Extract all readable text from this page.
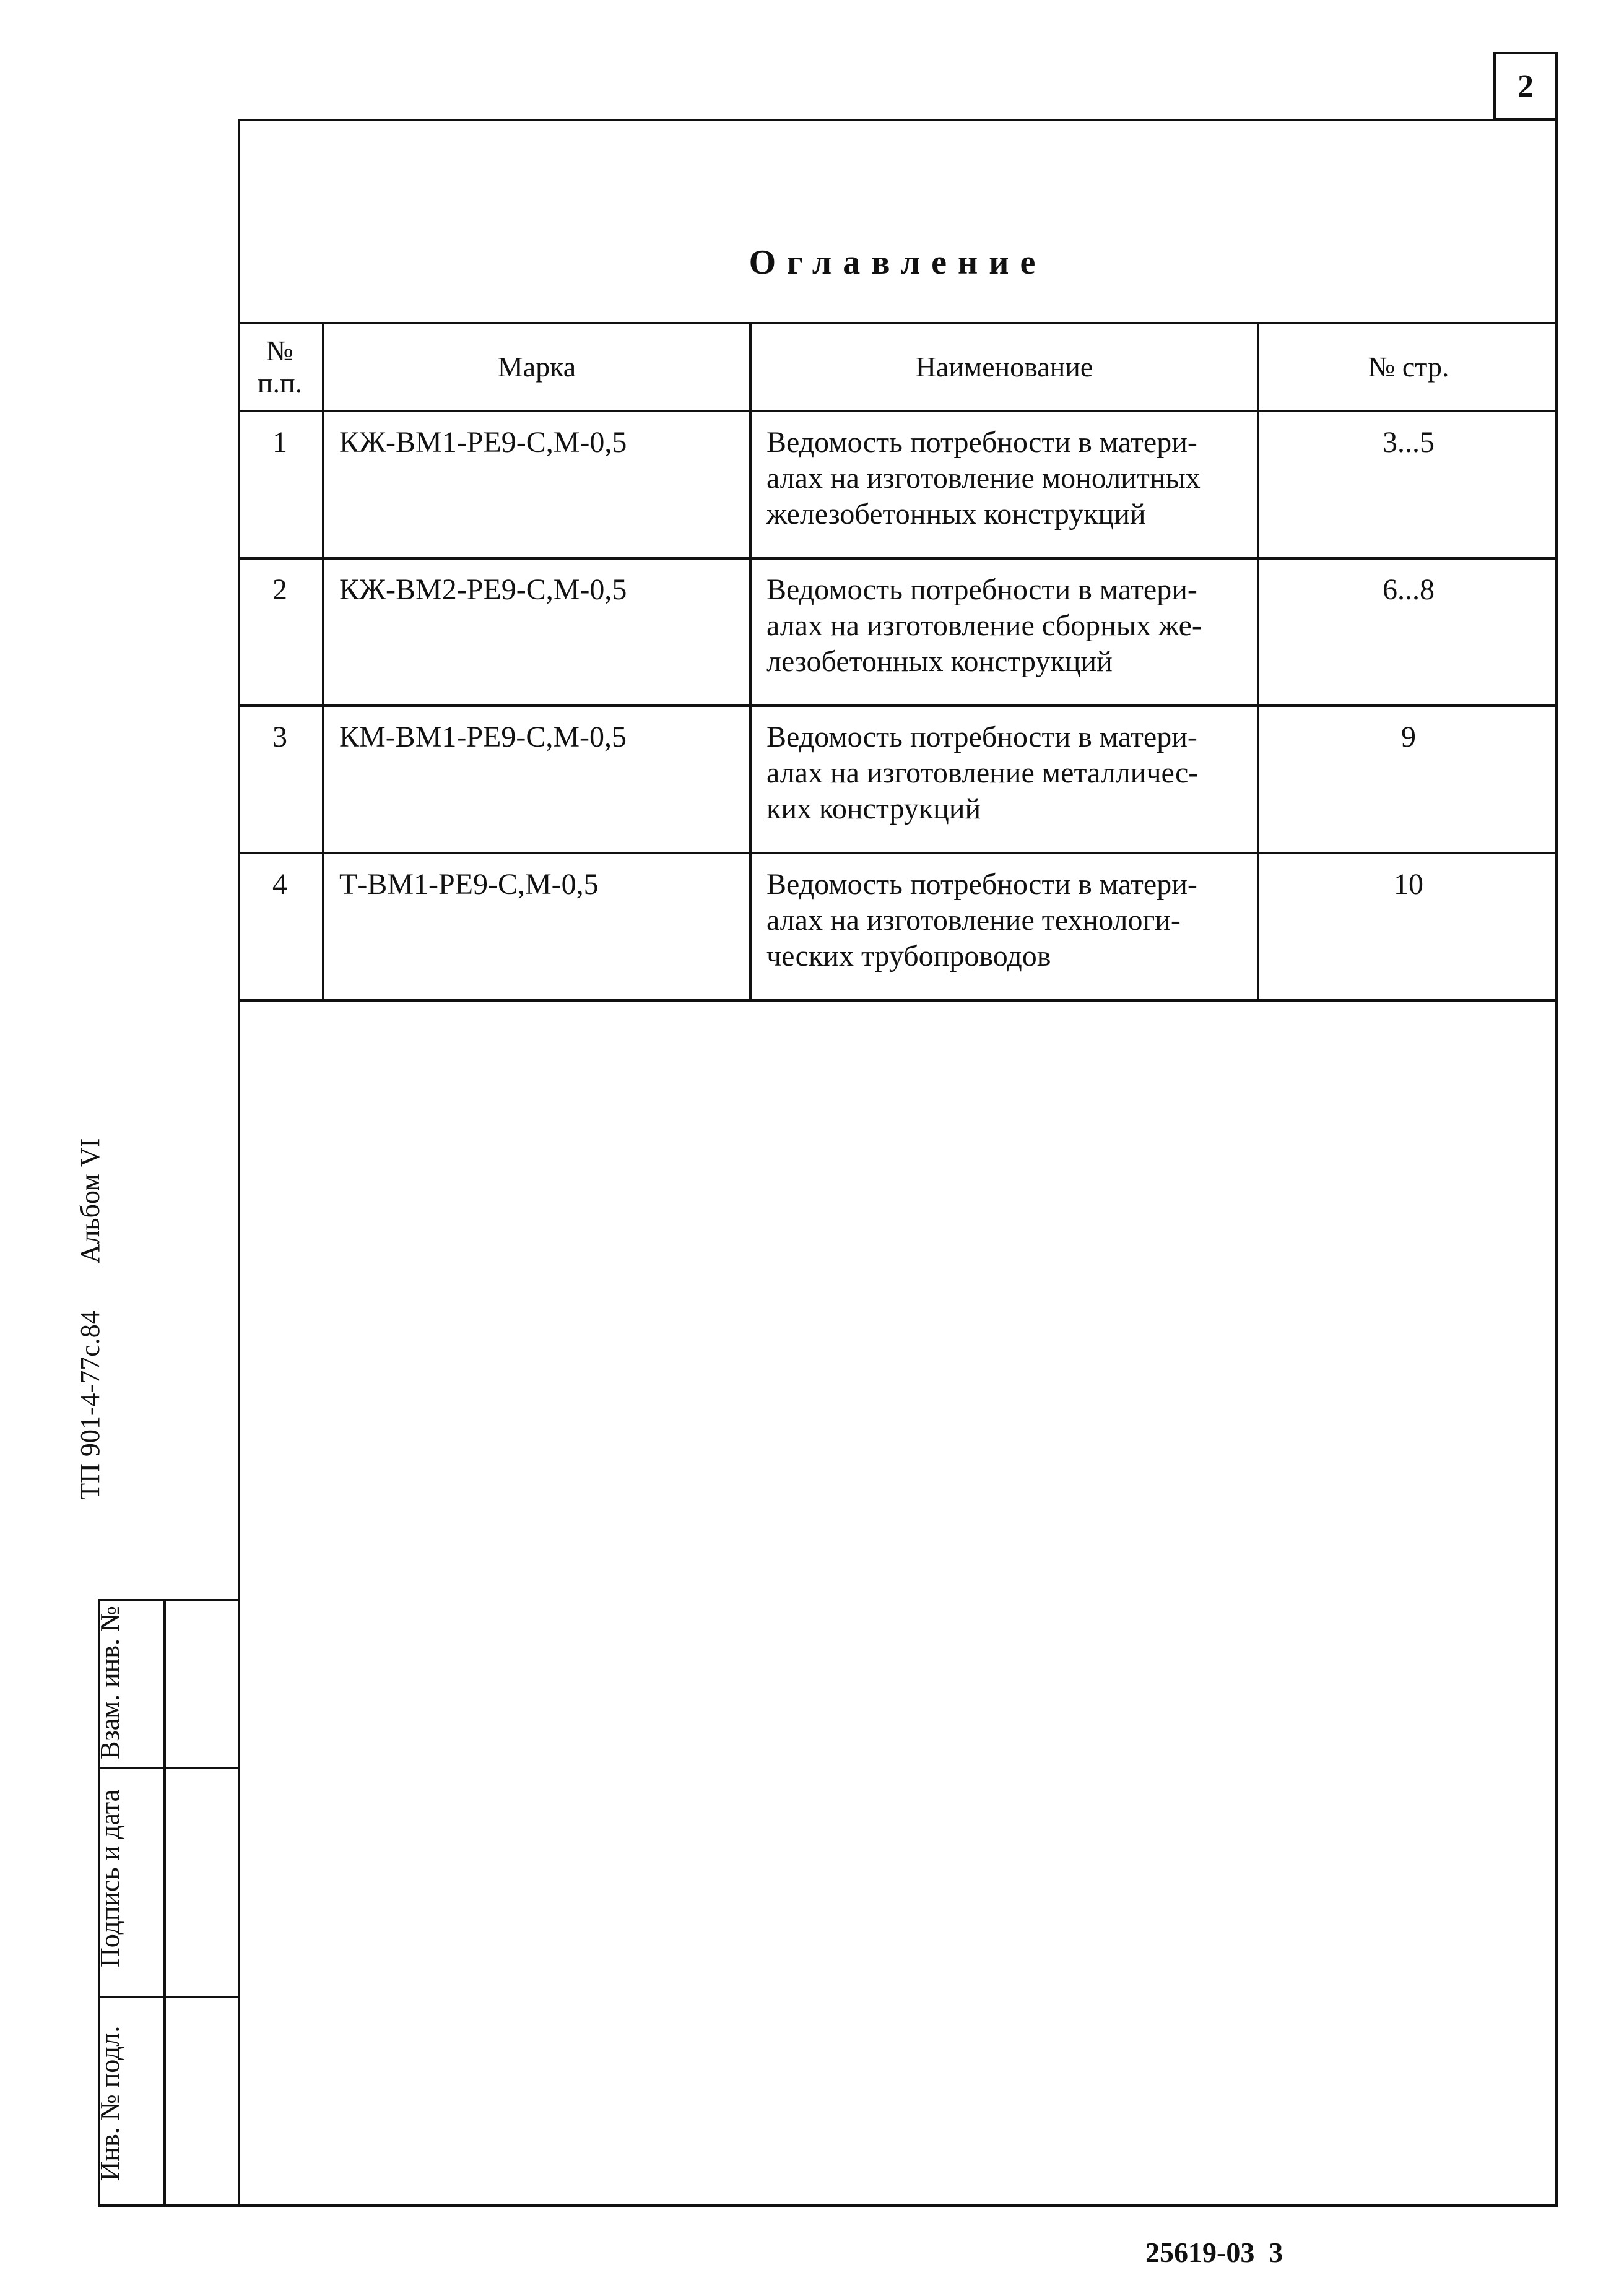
2
Оглавление
№
п.п.	Марка	Наименование	№ стр.
1	КЖ-ВМ1-РЕ9-С,М-0,5	Ведомость потребности в матери-
алах на изготовление монолитных
железобетонных конструкций	3...5
2	КЖ-ВМ2-РЕ9-С,М-0,5	Ведомость потребности в матери-
алах на изготовление сборных же-
лезобетонных конструкций	6...8
3	КМ-ВМ1-РЕ9-С,М-0,5	Ведомость потребности в матери-
алах на изготовление металличес-
ких конструкций	9
4	Т-ВМ1-РЕ9-С,М-0,5	Ведомость потребности в матери-
алах на изготовление технологи-
ческих трубопроводов	10
ТП 901-4-77с.84
Альбом VI
Взам. инв. №
Подпись и дата
Инв. № подл.
25619-03  3
